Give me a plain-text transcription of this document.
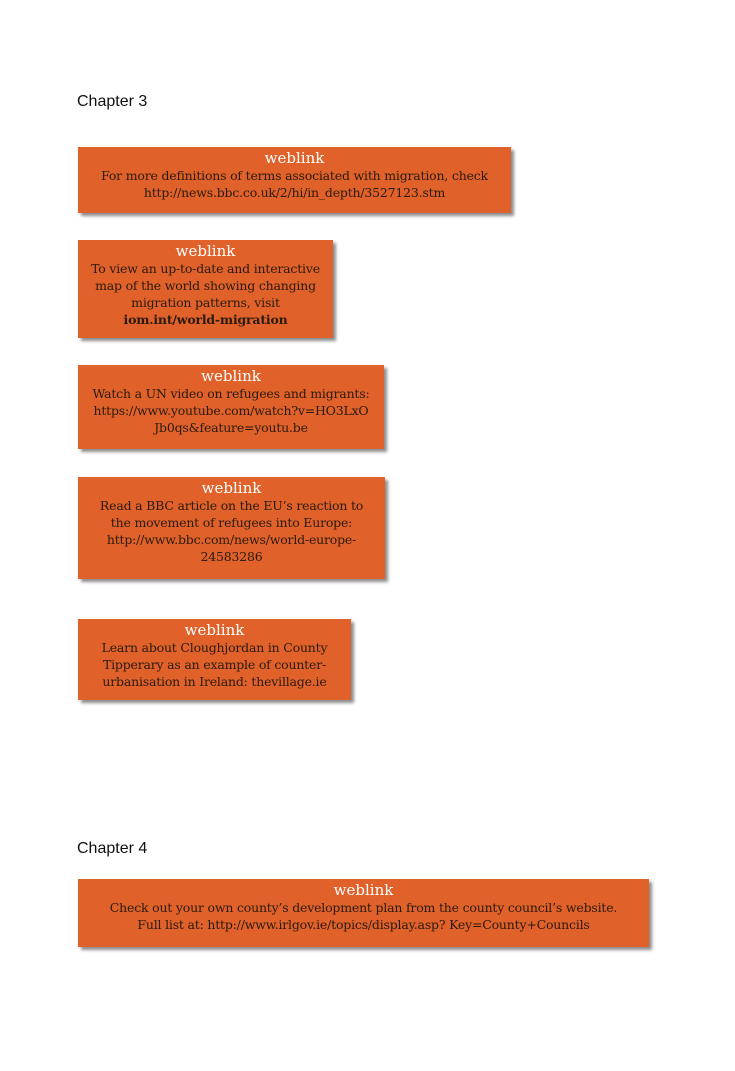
Chapter 3
weblink
For more definitions of terms associated with migration, check
http://news.bbc.co.uk/2/hi/in_depth/3527123.stm
weblink
To view an up-to-date and interactive
map of the world showing changing
migration patterns, visit
iom.int/world-migration
weblink
Watch a UN video on refugees and migrants:
https://www.youtube.com/watch?v=HO3LxO
Jb0qs&feature=youtu.be
weblink
Read a BBC article on the EU’s reaction to
the movement of refugees into Europe:
http://www.bbc.com/news/world-europe-
24583286
weblink
Learn about Cloughjordan in County
Tipperary as an example of counter-
urbanisation in Ireland: thevillage.ie
Chapter 4
weblink
Check out your own county’s development plan from the county council’s website.
Full list at: http://www.irlgov.ie/topics/display.asp? Key=County+Councils
